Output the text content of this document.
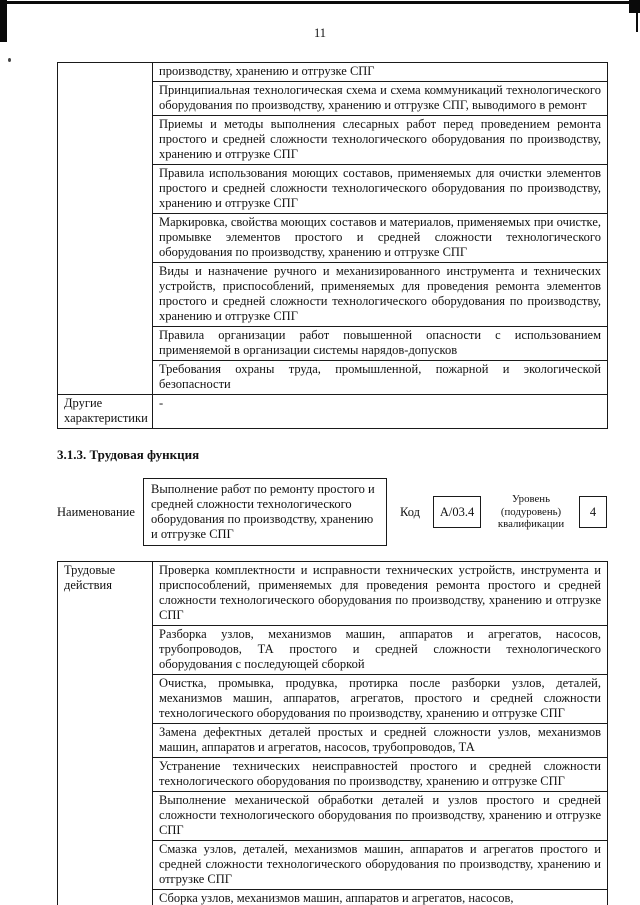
11
	производству, хранению и отгрузке СПГ
	Принципиальная технологическая схема и схема коммуникаций технологического оборудования по производству, хранению и отгрузке СПГ, выводимого в ремонт
	Приемы и методы выполнения слесарных работ перед проведением ремонта простого и средней сложности технологического оборудования по производству, хранению и отгрузке СПГ
	Правила использования моющих составов, применяемых для очистки элементов простого и средней сложности технологического оборудования по производству, хранению и отгрузке СПГ
	Маркировка, свойства моющих составов и материалов, применяемых при очистке, промывке элементов простого и средней сложности технологического оборудования по производству, хранению и отгрузке СПГ
	Виды и назначение ручного и механизированного инструмента и технических устройств, приспособлений, применяемых для проведения ремонта элементов простого и средней сложности технологического оборудования по производству, хранению и отгрузке СПГ
	Правила организации работ повышенной опасности с использованием применяемой в организации системы нарядов-допусков
	Требования охраны труда, промышленной, пожарной и экологической безопасности
Другие характеристики	-
3.1.3. Трудовая функция
Наименование
Выполнение работ по ремонту простого и средней сложности технологического оборудования по производству, хранению и отгрузке СПГ
Код	А/03.4
Уровень (подуровень) квалификации
4
Трудовые действия	Проверка комплектности и исправности технических устройств, инструмента и приспособлений, применяемых для проведения ремонта простого и средней сложности технологического оборудования по производству, хранению и отгрузке СПГ
Разборка узлов, механизмов машин, аппаратов и агрегатов, насосов, трубопроводов, ТА простого и средней сложности технологического оборудования с последующей сборкой
Очистка, промывка, продувка, протирка после разборки узлов, деталей, механизмов машин, аппаратов, агрегатов, простого и средней сложности технологического оборудования по производству, хранению и отгрузке СПГ
Замена дефектных деталей простых и средней сложности узлов, механизмов машин, аппаратов и агрегатов, насосов, трубопроводов, ТА
Устранение технических неисправностей простого и средней сложности технологического оборудования по производству, хранению и отгрузке СПГ
Выполнение механической обработки деталей и узлов простого и средней сложности технологического оборудования по производству, хранению и отгрузке СПГ
Смазка узлов, деталей, механизмов машин, аппаратов и агрегатов простого и средней сложности технологического оборудования по производству, хранению и отгрузке СПГ
Сборка узлов, механизмов машин, аппаратов и агрегатов, насосов,
